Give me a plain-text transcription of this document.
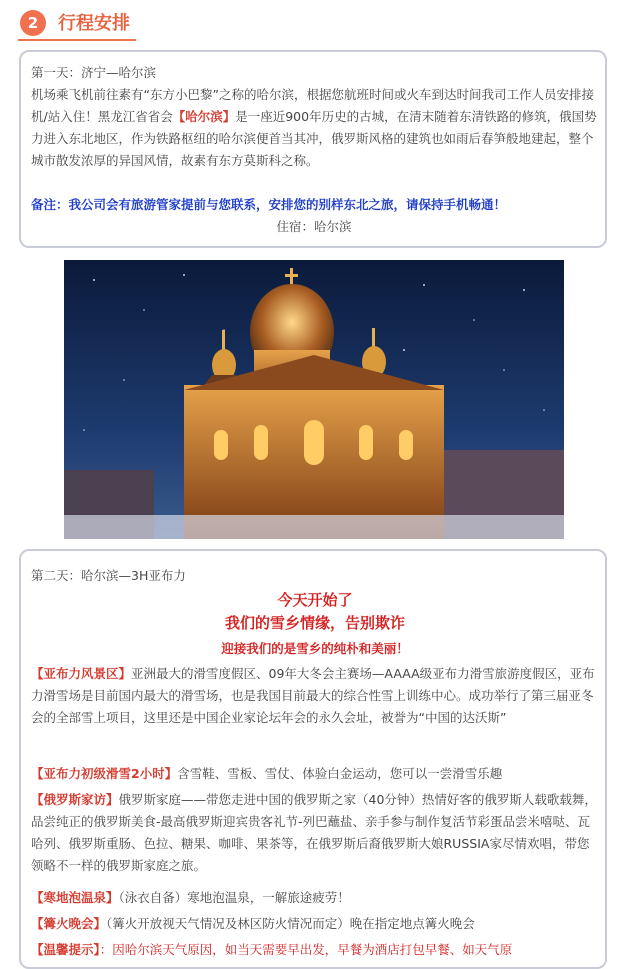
2	行程安排
第一天：济宁—哈尔滨
机场乘飞机前往素有“东方小巴黎”之称的哈尔滨，根据您航班时间或火车到达时间我司工作人员安排接机/站入住！黑龙江省省会【哈尔滨】是一座近900年历史的古城，在清末随着东清铁路的修筑，俄国势力进入东北地区，作为铁路枢纽的哈尔滨便首当其冲，俄罗斯风格的建筑也如雨后春笋般地建起，整个城市散发浓厚的异国风情，故素有东方莫斯科之称。
备注：我公司会有旅游管家提前与您联系，安排您的别样东北之旅，请保持手机畅通！
住宿：哈尔滨
第二天：哈尔滨—3H亚布力
今天开始了
我们的雪乡情缘，告别欺诈
迎接我们的是雪乡的纯朴和美丽！
【亚布力风景区】亚洲最大的滑雪度假区、09年大冬会主赛场—AAAA级亚布力滑雪旅游度假区，亚布力滑雪场是目前国内最大的滑雪场，也是我国目前最大的综合性雪上训练中心。成功举行了第三届亚冬会的全部雪上项目，这里还是中国企业家论坛年会的永久会址，被誉为“中国的达沃斯”
【亚布力初级滑雪2小时】含雪鞋、雪板、雪仗、体验白金运动，您可以一尝滑雪乐趣
【俄罗斯家访】俄罗斯家庭——带您走进中国的俄罗斯之家（40分钟）热情好客的俄罗斯人载歌载舞，品尝纯正的俄罗斯美食-最高俄罗斯迎宾贵客礼节-列巴蘸盐、亲手参与制作复活节彩蛋品尝米嘻哒、瓦哈列、俄罗斯重肠、色拉、糖果、咖啡、果茶等，在俄罗斯后裔俄罗斯大娘RUSSIA家尽情欢唱，带您领略不一样的俄罗斯家庭之旅。
【寒地泡温泉】（泳衣自备）寒地泡温泉，一解旅途疲劳！
【篝火晚会】（篝火开放视天气情况及林区防火情况而定）晚在指定地点篝火晚会
【温馨提示】：因哈尔滨天气原因，如当天需要早出发，早餐为酒店打包早餐、如天气原
